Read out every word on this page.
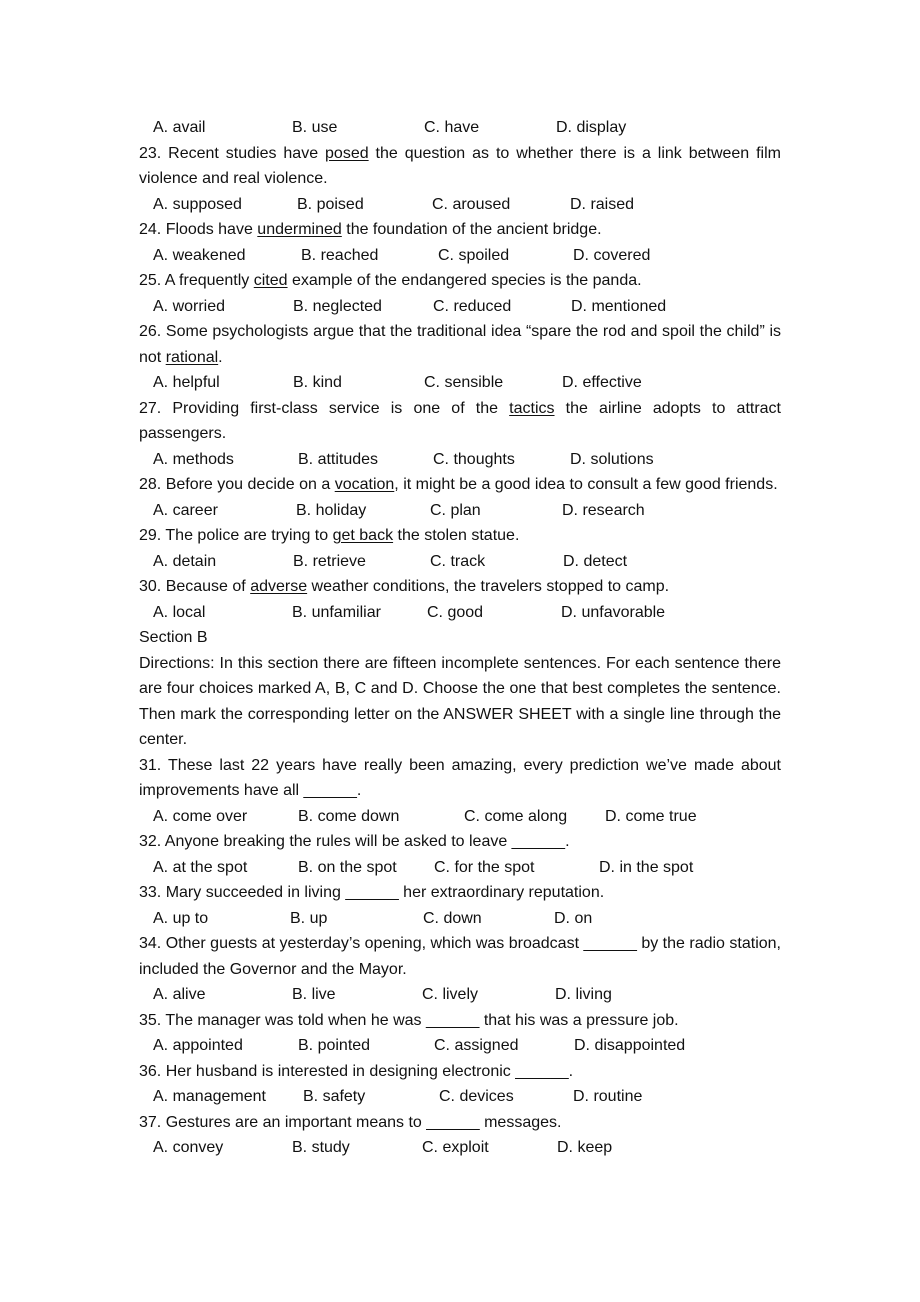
A. avail	B. use	C. have	D. display
23. Recent studies have posed the question as to whether there is a link between film violence and real violence.
A. supposed	B. poised	C. aroused	D. raised
24. Floods have undermined the foundation of the ancient bridge.
A. weakened	B. reached	C. spoiled	D. covered
25. A frequently cited example of the endangered species is the panda.
A. worried	B. neglected	C. reduced	D. mentioned
26. Some psychologists argue that the traditional idea “spare the rod and spoil the child” is not rational.
A. helpful	B. kind	C. sensible	D. effective
27. Providing first-class service is one of the tactics the airline adopts to attract passengers.
A. methods	B. attitudes	C. thoughts	D. solutions
28. Before you decide on a vocation, it might be a good idea to consult a few good friends.
A. career	B. holiday	C. plan	D. research
29. The police are trying to get back the stolen statue.
A. detain	B. retrieve	C. track	D. detect
30. Because of adverse weather conditions, the travelers stopped to camp.
A. local	B. unfamiliar	C. good	D. unfavorable
Section B
Directions: In this section there are fifteen incomplete sentences. For each sentence there are four choices marked A, B, C and D. Choose the one that best completes the sentence. Then mark the corresponding letter on the ANSWER SHEET with a single line through the center.
31. These last 22 years have really been amazing, every prediction we’ve made about improvements have all ______.
A. come over	B. come down	C. come along D. come true
32. Anyone breaking the rules will be asked to leave ______.
A. at the spot	B. on the spot C. for the spot	D. in the spot
33. Mary succeeded in living ______ her extraordinary reputation.
A. up to	B. up	C. down	D. on
34. Other guests at yesterday’s opening, which was broadcast ______ by the radio station, included the Governor and the Mayor.
A. alive	B. live	C. lively	D. living
35. The manager was told when he was ______ that his was a pressure job.
A. appointed	B. pointed	C. assigned	D. disappointed
36. Her husband is interested in designing electronic ______.
A. management B. safety	C. devices	D. routine
37. Gestures are an important means to ______ messages.
A. convey	B. study	C. exploit	D. keep
